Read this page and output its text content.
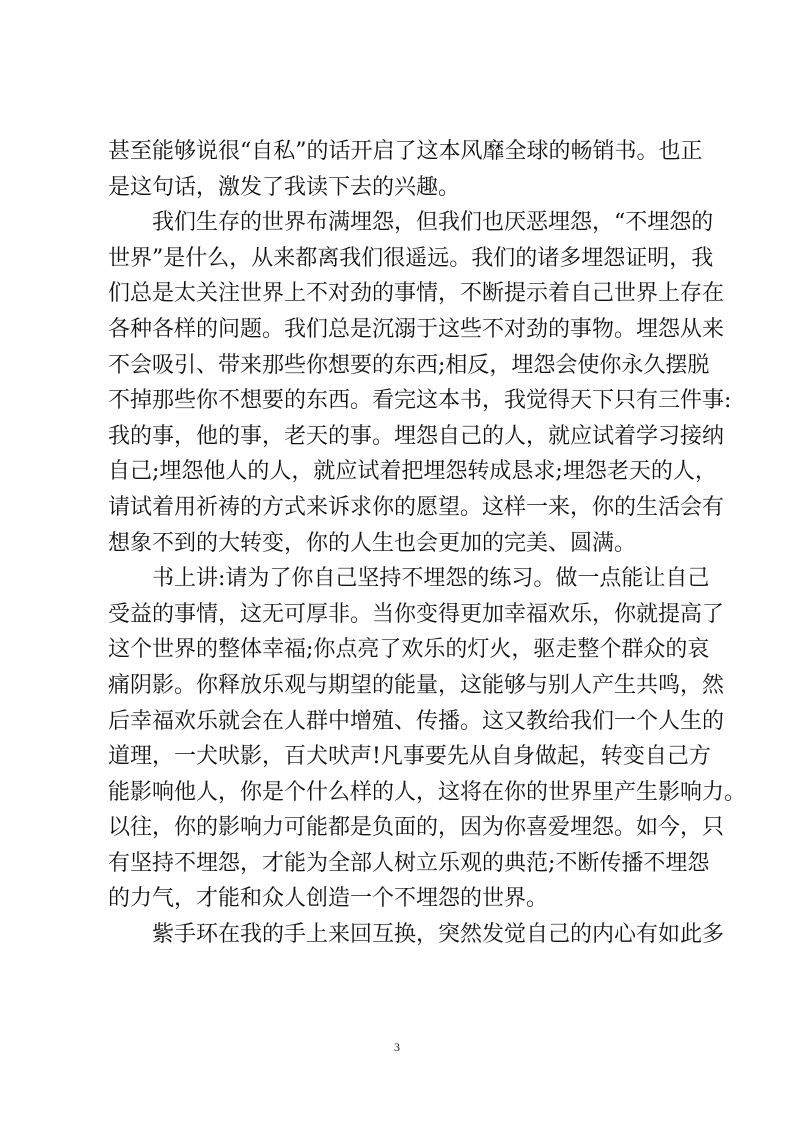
甚至能够说很“自私”的话开启了这本风靡全球的畅销书。也正
是这句话，激发了我读下去的兴趣。
我们生存的世界布满埋怨，但我们也厌恶埋怨，“不埋怨的
世界”是什么，从来都离我们很遥远。我们的诸多埋怨证明，我
们总是太关注世界上不对劲的事情，不断提示着自己世界上存在
各种各样的问题。我们总是沉溺于这些不对劲的事物。埋怨从来
不会吸引、带来那些你想要的东西;相反，埋怨会使你永久摆脱
不掉那些你不想要的东西。看完这本书，我觉得天下只有三件事:
我的事，他的事，老天的事。埋怨自己的人，就应试着学习接纳
自己;埋怨他人的人，就应试着把埋怨转成恳求;埋怨老天的人，
请试着用祈祷的方式来诉求你的愿望。这样一来，你的生活会有
想象不到的大转变，你的人生也会更加的完美、圆满。
书上讲:请为了你自己坚持不埋怨的练习。做一点能让自己
受益的事情，这无可厚非。当你变得更加幸福欢乐，你就提高了
这个世界的整体幸福;你点亮了欢乐的灯火，驱走整个群众的哀
痛阴影。你释放乐观与期望的能量，这能够与别人产生共鸣，然
后幸福欢乐就会在人群中增殖、传播。这又教给我们一个人生的
道理，一犬吠影，百犬吠声!凡事要先从自身做起，转变自己方
能影响他人，你是个什么样的人，这将在你的世界里产生影响力。
以往，你的影响力可能都是负面的，因为你喜爱埋怨。如今，只
有坚持不埋怨，才能为全部人树立乐观的典范;不断传播不埋怨
的力气，才能和众人创造一个不埋怨的世界。
紫手环在我的手上来回互换，突然发觉自己的内心有如此多
3
